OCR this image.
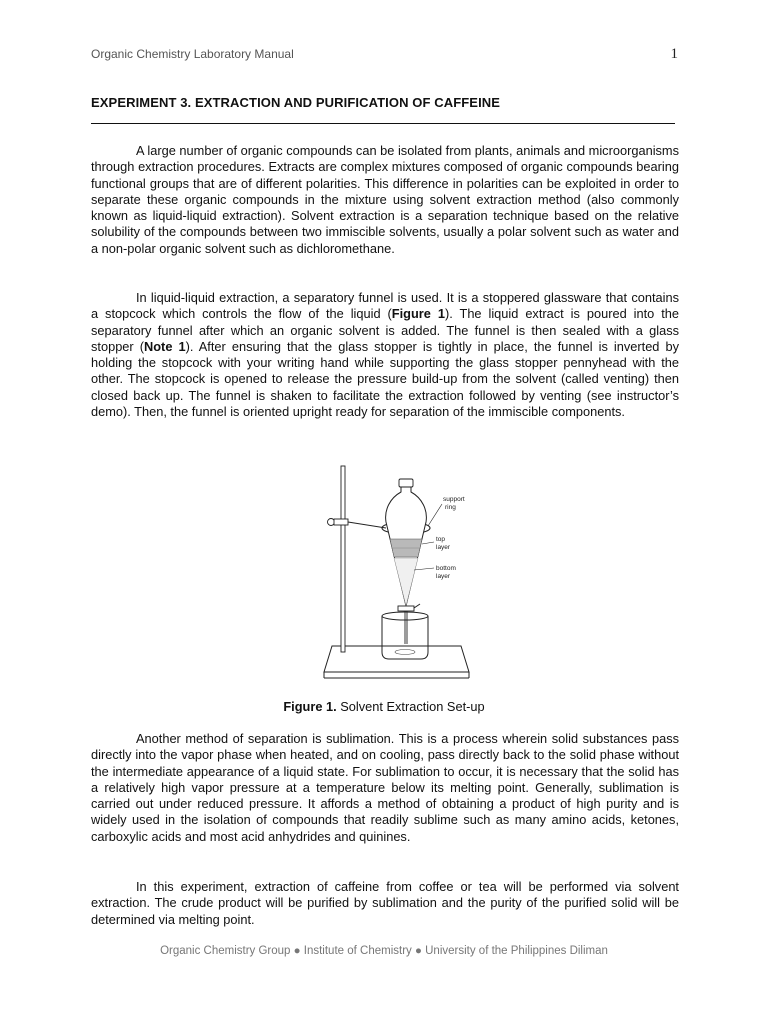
Organic Chemistry Laboratory Manual	1
EXPERIMENT 3. EXTRACTION AND PURIFICATION OF CAFFEINE

A large number of organic compounds can be isolated from plants, animals and microorganisms through extraction procedures. Extracts are complex mixtures composed of organic compounds bearing functional groups that are of different polarities. This difference in polarities can be exploited in order to separate these organic compounds in the mixture using solvent extraction method (also commonly known as liquid-liquid extraction). Solvent extraction is a separation technique based on the relative solubility of the compounds between two immiscible solvents, usually a polar solvent such as water and a non-polar organic solvent such as dichloromethane.

In liquid-liquid extraction, a separatory funnel is used. It is a stoppered glassware that contains a stopcock which controls the flow of the liquid (Figure 1). The liquid extract is poured into the separatory funnel after which an organic solvent is added. The funnel is then sealed with a glass stopper (Note 1). After ensuring that the glass stopper is tightly in place, the funnel is inverted by holding the stopcock with your writing hand while supporting the glass stopper pennyhead with the other. The stopcock is opened to release the pressure build-up from the solvent (called venting) then closed back up. The funnel is shaken to facilitate the extraction followed by venting (see instructor’s demo). Then, the funnel is oriented upright ready for separation of the immiscible components.

support
ring
top
layer
bottom
layer
Figure 1. Solvent Extraction Set-up

Another method of separation is sublimation. This is a process wherein solid substances pass directly into the vapor phase when heated, and on cooling, pass directly back to the solid phase without the intermediate appearance of a liquid state. For sublimation to occur, it is necessary that the solid has a relatively high vapor pressure at a temperature below its melting point. Generally, sublimation is carried out under reduced pressure. It affords a method of obtaining a product of high purity and is widely used in the isolation of compounds that readily sublime such as many amino acids, ketones, carboxylic acids and most acid anhydrides and quinines.

In this experiment, extraction of caffeine from coffee or tea will be performed via solvent extraction. The crude product will be purified by sublimation and the purity of the purified solid will be determined via melting point.

Organic Chemistry Group ● Institute of Chemistry ● University of the Philippines Diliman
